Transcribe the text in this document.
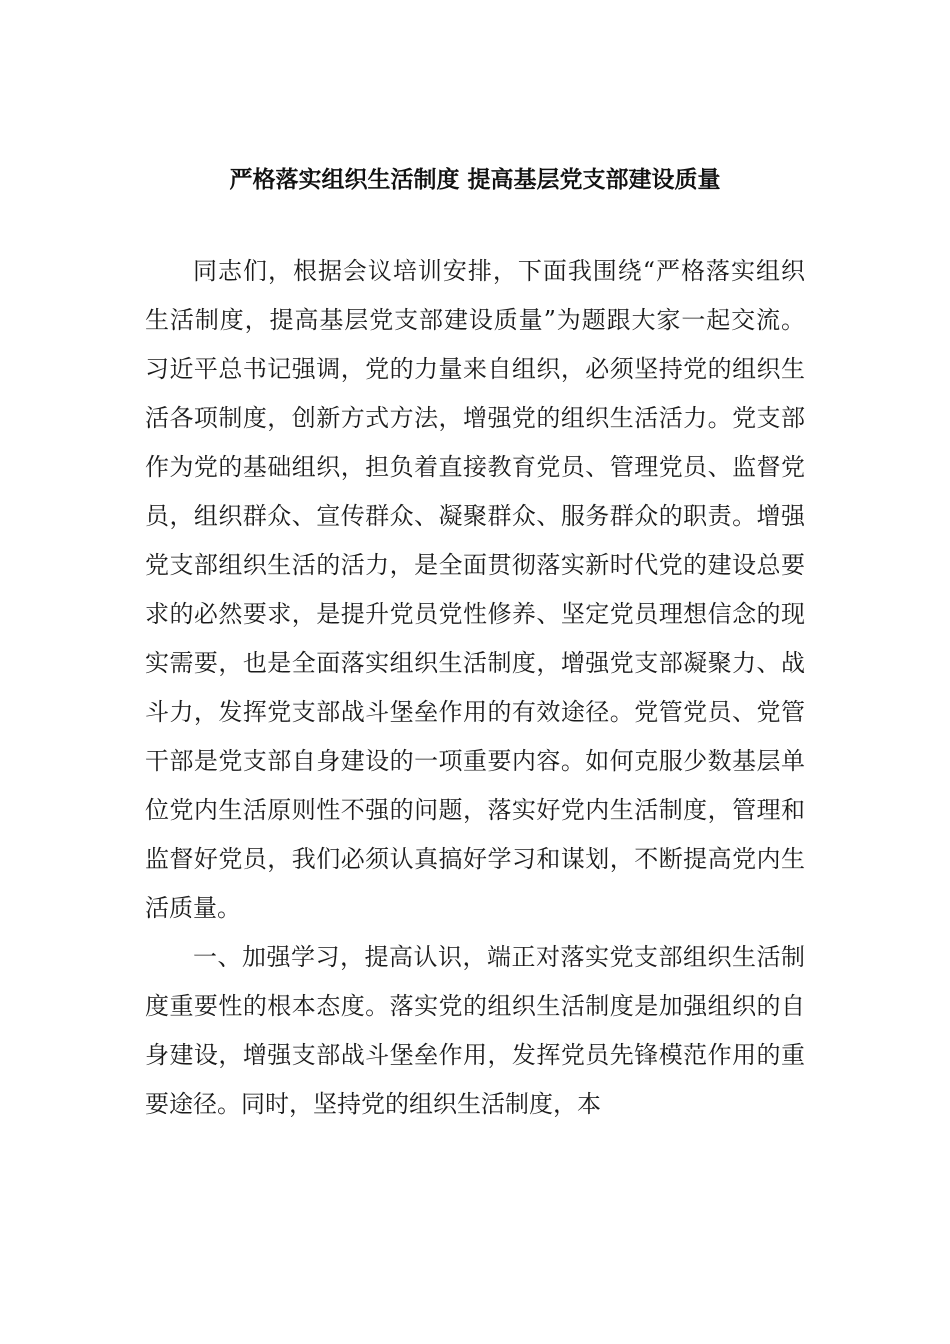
严格落实组织生活制度 提高基层党支部建设质量

同志们，根据会议培训安排，下面我围绕“严格落实组织生活制度，提高基层党支部建设质量”为题跟大家一起交流。习近平总书记强调，党的力量来自组织，必须坚持党的组织生活各项制度，创新方式方法，增强党的组织生活活力。党支部作为党的基础组织，担负着直接教育党员、管理党员、监督党员，组织群众、宣传群众、凝聚群众、服务群众的职责。增强党支部组织生活的活力，是全面贯彻落实新时代党的建设总要求的必然要求，是提升党员党性修养、坚定党员理想信念的现实需要，也是全面落实组织生活制度，增强党支部凝聚力、战斗力，发挥党支部战斗堡垒作用的有效途径。党管党员、党管干部是党支部自身建设的一项重要内容。如何克服少数基层单位党内生活原则性不强的问题，落实好党内生活制度，管理和监督好党员，我们必须认真搞好学习和谋划，不断提高党内生活质量。

一、加强学习，提高认识，端正对落实党支部组织生活制度重要性的根本态度。落实党的组织生活制度是加强组织的自身建设，增强支部战斗堡垒作用，发挥党员先锋模范作用的重要途径。同时，坚持党的组织生活制度，本
